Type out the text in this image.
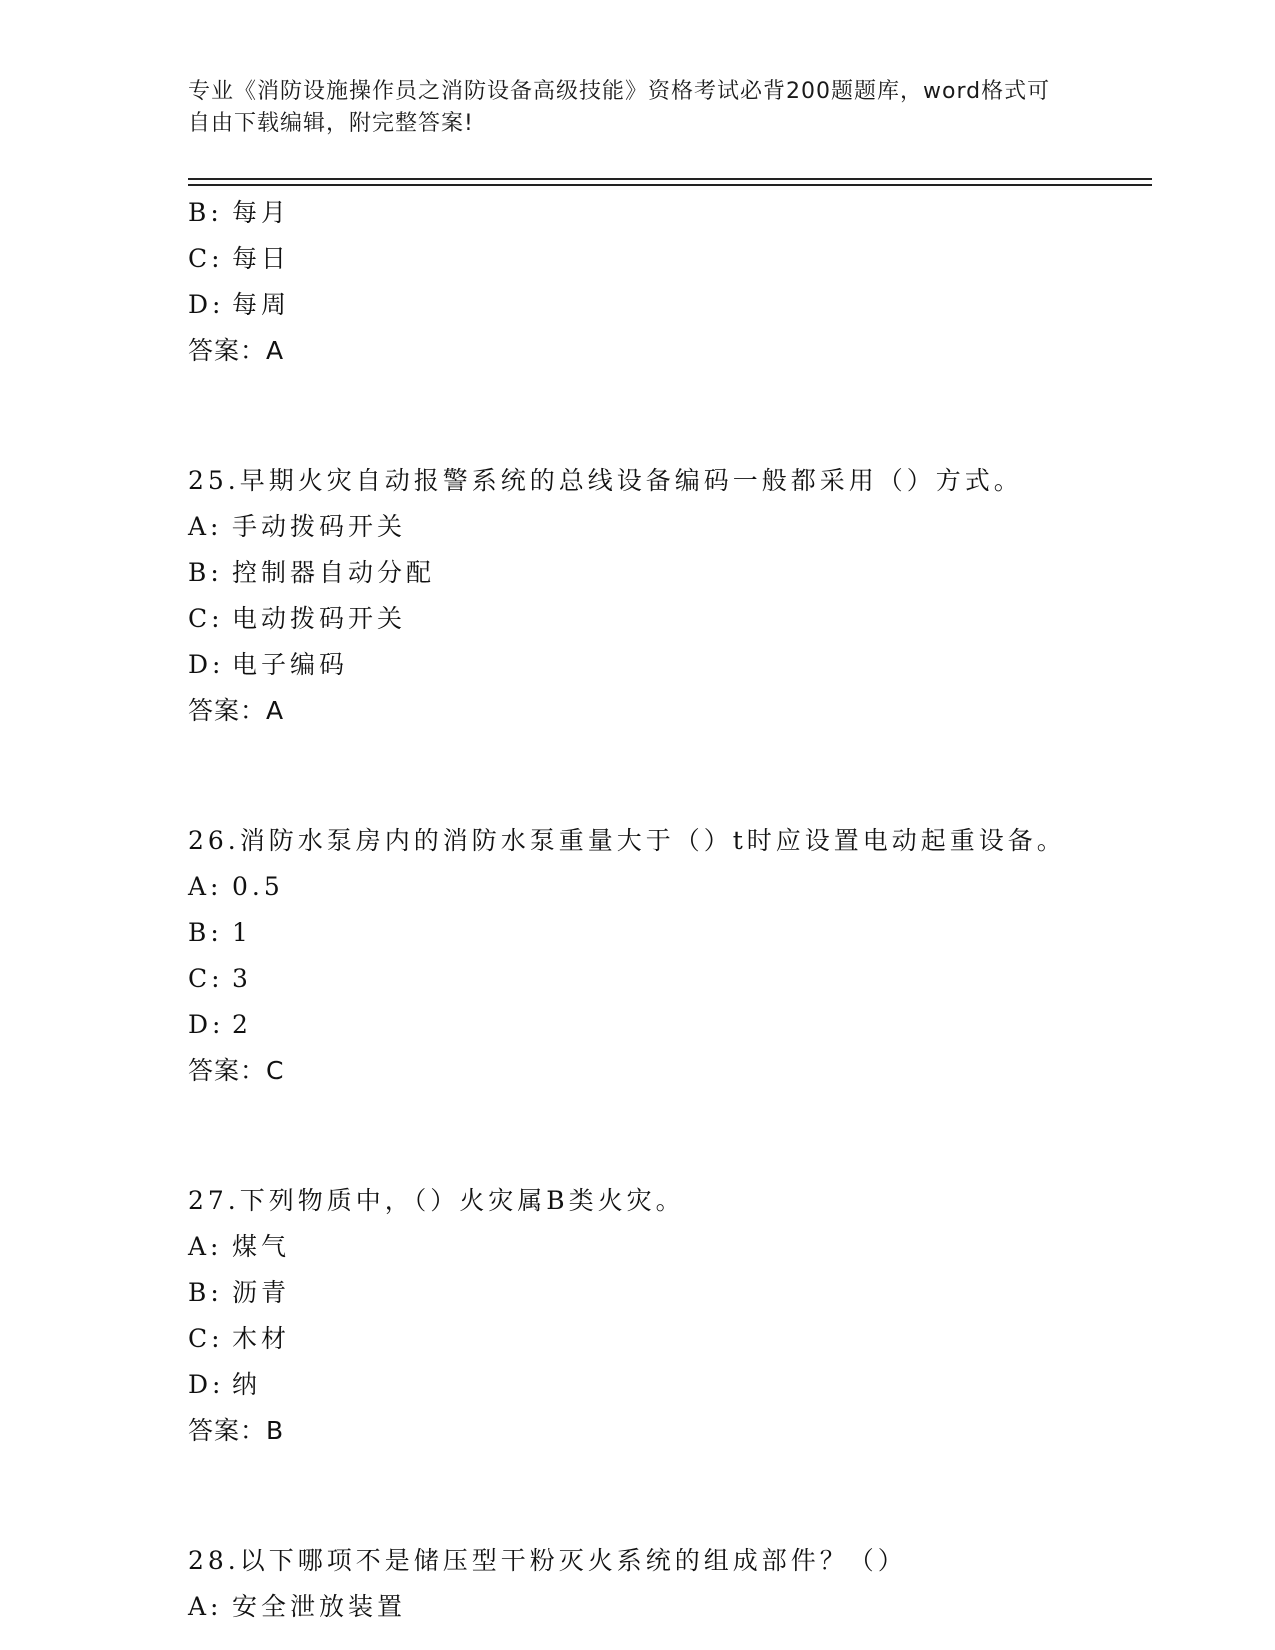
专业《消防设施操作员之消防设备高级技能》资格考试必背200题题库，word格式可自由下载编辑，附完整答案!
B: 每月
C: 每日
D: 每周
答案：A
25.早期火灾自动报警系统的总线设备编码一般都采用（）方式。
A: 手动拨码开关
B: 控制器自动分配
C: 电动拨码开关
D: 电子编码
答案：A
26.消防水泵房内的消防水泵重量大于（）t时应设置电动起重设备。
A: 0.5
B: 1
C: 3
D: 2
答案：C
27.下列物质中，（）火灾属B类火灾。
A: 煤气
B: 沥青
C: 木材
D: 纳
答案：B
28.以下哪项不是储压型干粉灭火系统的组成部件？（）
A: 安全泄放装置
